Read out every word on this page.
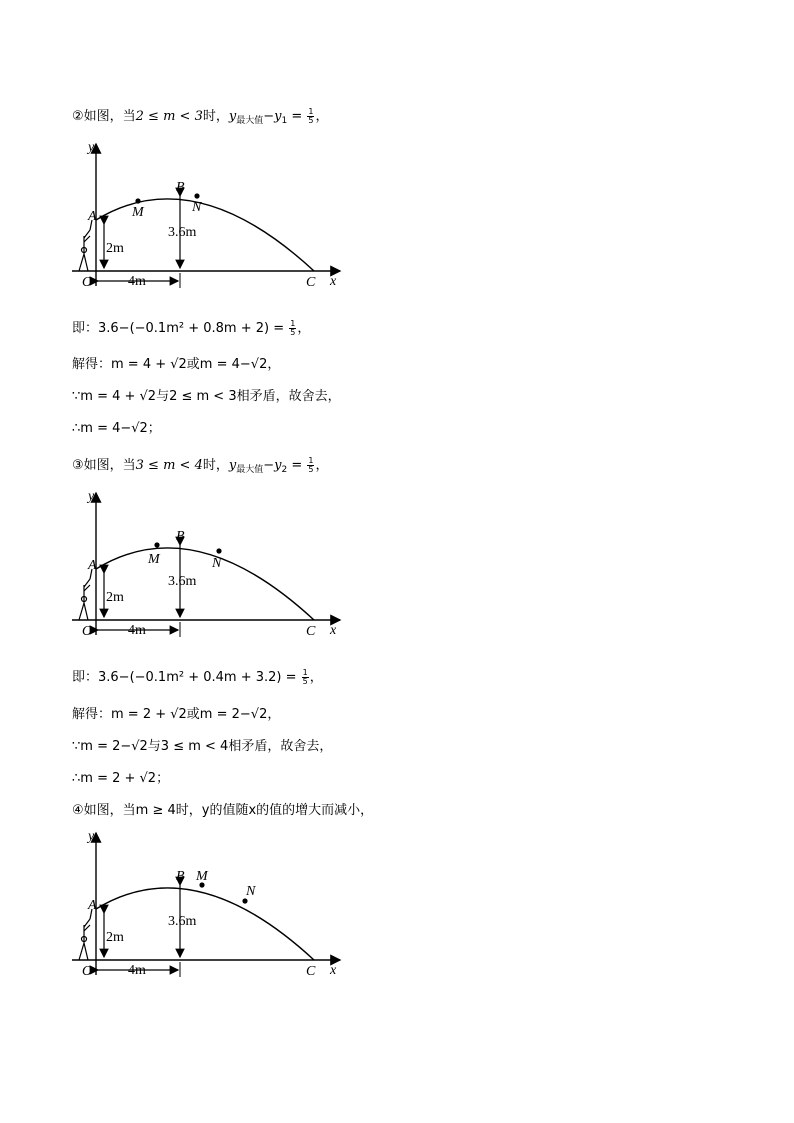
②如图，当2 ≤ m < 3时，$y_{最大值}-y_1 = \frac{1}{5}$ ，
y
A
B
M	N
C
O	x
2m
3.6m
4m
即：$3.6-(-0.1m^2 + 0.8m + 2) = \frac{1}{5}$ ，
解得：m = 4 + √2或m = 4−√2，
∵m = 4 + √2与2 ≤ m < 3相矛盾，故舍去，
∴m = 4−√2；
③如图，当3 ≤ m < 4时，$y_{最大值}-y_2 = \frac{1}{5}$ ，
y
A
B
M	N
C
O	x
2m
3.6m
4m
即：$3.6-(-0.1m^2 + 0.4m + 3.2) = \frac{1}{5}$ ，
解得：m = 2 + √2或m = 2−√2，
∵m = 2−√2与3 ≤ m < 4相矛盾，故舍去，
∴m = 2 + √2；
④如图，当m ≥ 4时，y的值随x的值的增大而减小，
y
A
B M
N
C
O	x
2m
3.6m
4m
